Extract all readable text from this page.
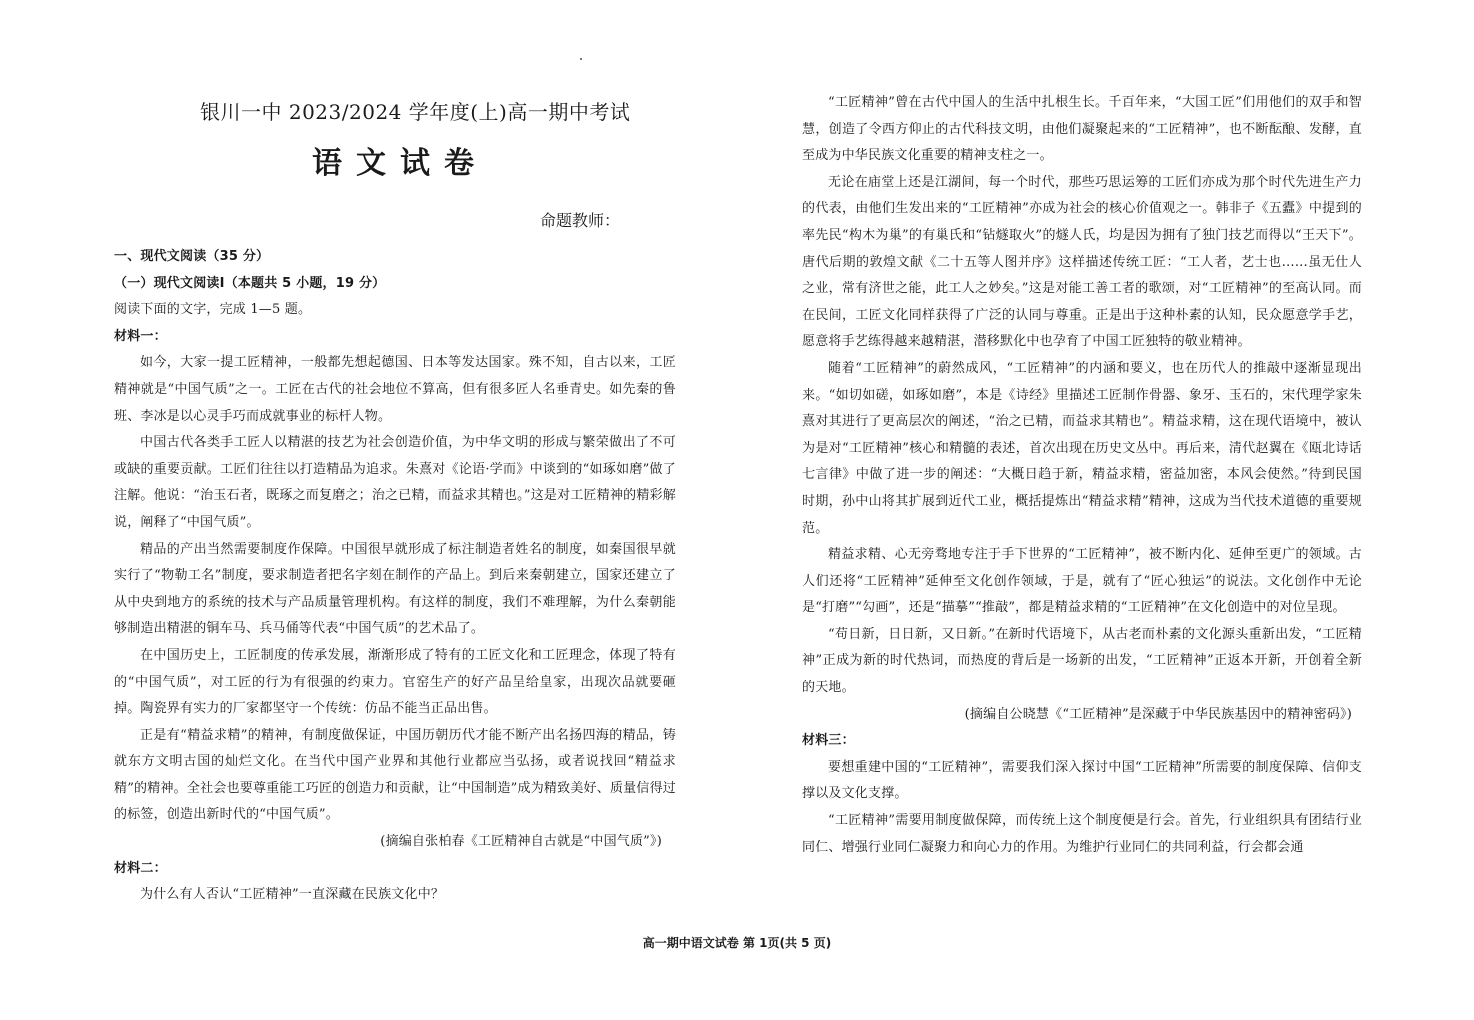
银川一中 2023/2024 学年度(上)高一期中考试
语文试卷
命题教师：

一、现代文阅读（35 分）

（一）现代文阅读Ⅰ（本题共 5 小题，19 分）

阅读下面的文字，完成 1—5 题。

材料一：

如今，大家一提工匠精神，一般都先想起德国、日本等发达国家。殊不知，自古以来，工匠精神就是“中国气质”之一。工匠在古代的社会地位不算高，但有很多匠人名垂青史。如先秦的鲁班、李冰是以心灵手巧而成就事业的标杆人物。

中国古代各类手工匠人以精湛的技艺为社会创造价值，为中华文明的形成与繁荣做出了不可或缺的重要贡献。工匠们往往以打造精品为追求。朱熹对《论语·学而》中谈到的“如琢如磨”做了注解。他说：“治玉石者，既琢之而复磨之；治之已精，而益求其精也。”这是对工匠精神的精彩解说，阐释了“中国气质”。

精品的产出当然需要制度作保障。中国很早就形成了标注制造者姓名的制度，如秦国很早就实行了“物勒工名”制度，要求制造者把名字刻在制作的产品上。到后来秦朝建立，国家还建立了从中央到地方的系统的技术与产品质量管理机构。有这样的制度，我们不难理解，为什么秦朝能够制造出精湛的铜车马、兵马俑等代表“中国气质”的艺术品了。

在中国历史上，工匠制度的传承发展，渐渐形成了特有的工匠文化和工匠理念，体现了特有的“中国气质”，对工匠的行为有很强的约束力。官窑生产的好产品呈给皇家，出现次品就要砸掉。陶瓷界有实力的厂家都坚守一个传统：仿品不能当正品出售。

正是有“精益求精”的精神，有制度做保证，中国历朝历代才能不断产出名扬四海的精品，铸就东方文明古国的灿烂文化。在当代中国产业界和其他行业都应当弘扬，或者说找回“精益求精”的精神。全社会也要尊重能工巧匠的创造力和贡献，让“中国制造”成为精致美好、质量信得过的标签，创造出新时代的“中国气质”。

(摘编自张柏春《工匠精神自古就是“中国气质”》)

材料二：

为什么有人否认“工匠精神”一直深藏在民族文化中？

“工匠精神”曾在古代中国人的生活中扎根生长。千百年来，“大国工匠”们用他们的双手和智慧，创造了令西方仰止的古代科技文明，由他们凝聚起来的“工匠精神”，也不断酝酿、发酵，直至成为中华民族文化重要的精神支柱之一。

无论在庙堂上还是江湖间，每一个时代，那些巧思运筹的工匠们亦成为那个时代先进生产力的代表，由他们生发出来的“工匠精神”亦成为社会的核心价值观之一。韩非子《五蠹》中提到的率先民“构木为巢”的有巢氏和“钻燧取火”的燧人氏，均是因为拥有了独门技艺而得以“王天下”。唐代后期的敦煌文献《二十五等人图并序》这样描述传统工匠：“工人者，艺士也……虽无仕人之业，常有济世之能，此工人之妙矣。”这是对能工善工者的歌颂，对“工匠精神”的至高认同。而在民间，工匠文化同样获得了广泛的认同与尊重。正是出于这种朴素的认知，民众愿意学手艺，愿意将手艺练得越来越精湛，潜移默化中也孕育了中国工匠独特的敬业精神。

随着“工匠精神”的蔚然成风，“工匠精神”的内涵和要义，也在历代人的推敲中逐渐显现出来。“如切如磋，如琢如磨”，本是《诗经》里描述工匠制作骨器、象牙、玉石的，宋代理学家朱熹对其进行了更高层次的阐述，“治之已精，而益求其精也”。精益求精，这在现代语境中，被认为是对“工匠精神”核心和精髓的表述，首次出现在历史文丛中。再后来，清代赵翼在《瓯北诗话七言律》中做了进一步的阐述：“大概日趋于新，精益求精，密益加密，本风会使然。”待到民国时期，孙中山将其扩展到近代工业，概括提炼出“精益求精”精神，这成为当代技术道德的重要规范。

精益求精、心无旁骛地专注于手下世界的“工匠精神”，被不断内化、延伸至更广的领域。古人们还将“工匠精神”延伸至文化创作领域，于是，就有了“匠心独运”的说法。文化创作中无论是“打磨”“勾画”，还是“描摹”“推敲”，都是精益求精的“工匠精神”在文化创造中的对位呈现。

“苟日新，日日新，又日新。”在新时代语境下，从古老而朴素的文化源头重新出发，“工匠精神”正成为新的时代热词，而热度的背后是一场新的出发，“工匠精神”正返本开新，开创着全新的天地。

(摘编自公晓慧《“工匠精神”是深藏于中华民族基因中的精神密码》)

材料三：

要想重建中国的“工匠精神”，需要我们深入探讨中国“工匠精神”所需要的制度保障、信仰支撑以及文化支撑。

“工匠精神”需要用制度做保障，而传统上这个制度便是行会。首先，行业组织具有团结行业同仁、增强行业同仁凝聚力和向心力的作用。为维护行业同仁的共同利益，行会都会通

高一期中语文试卷 第 1页(共 5 页)
